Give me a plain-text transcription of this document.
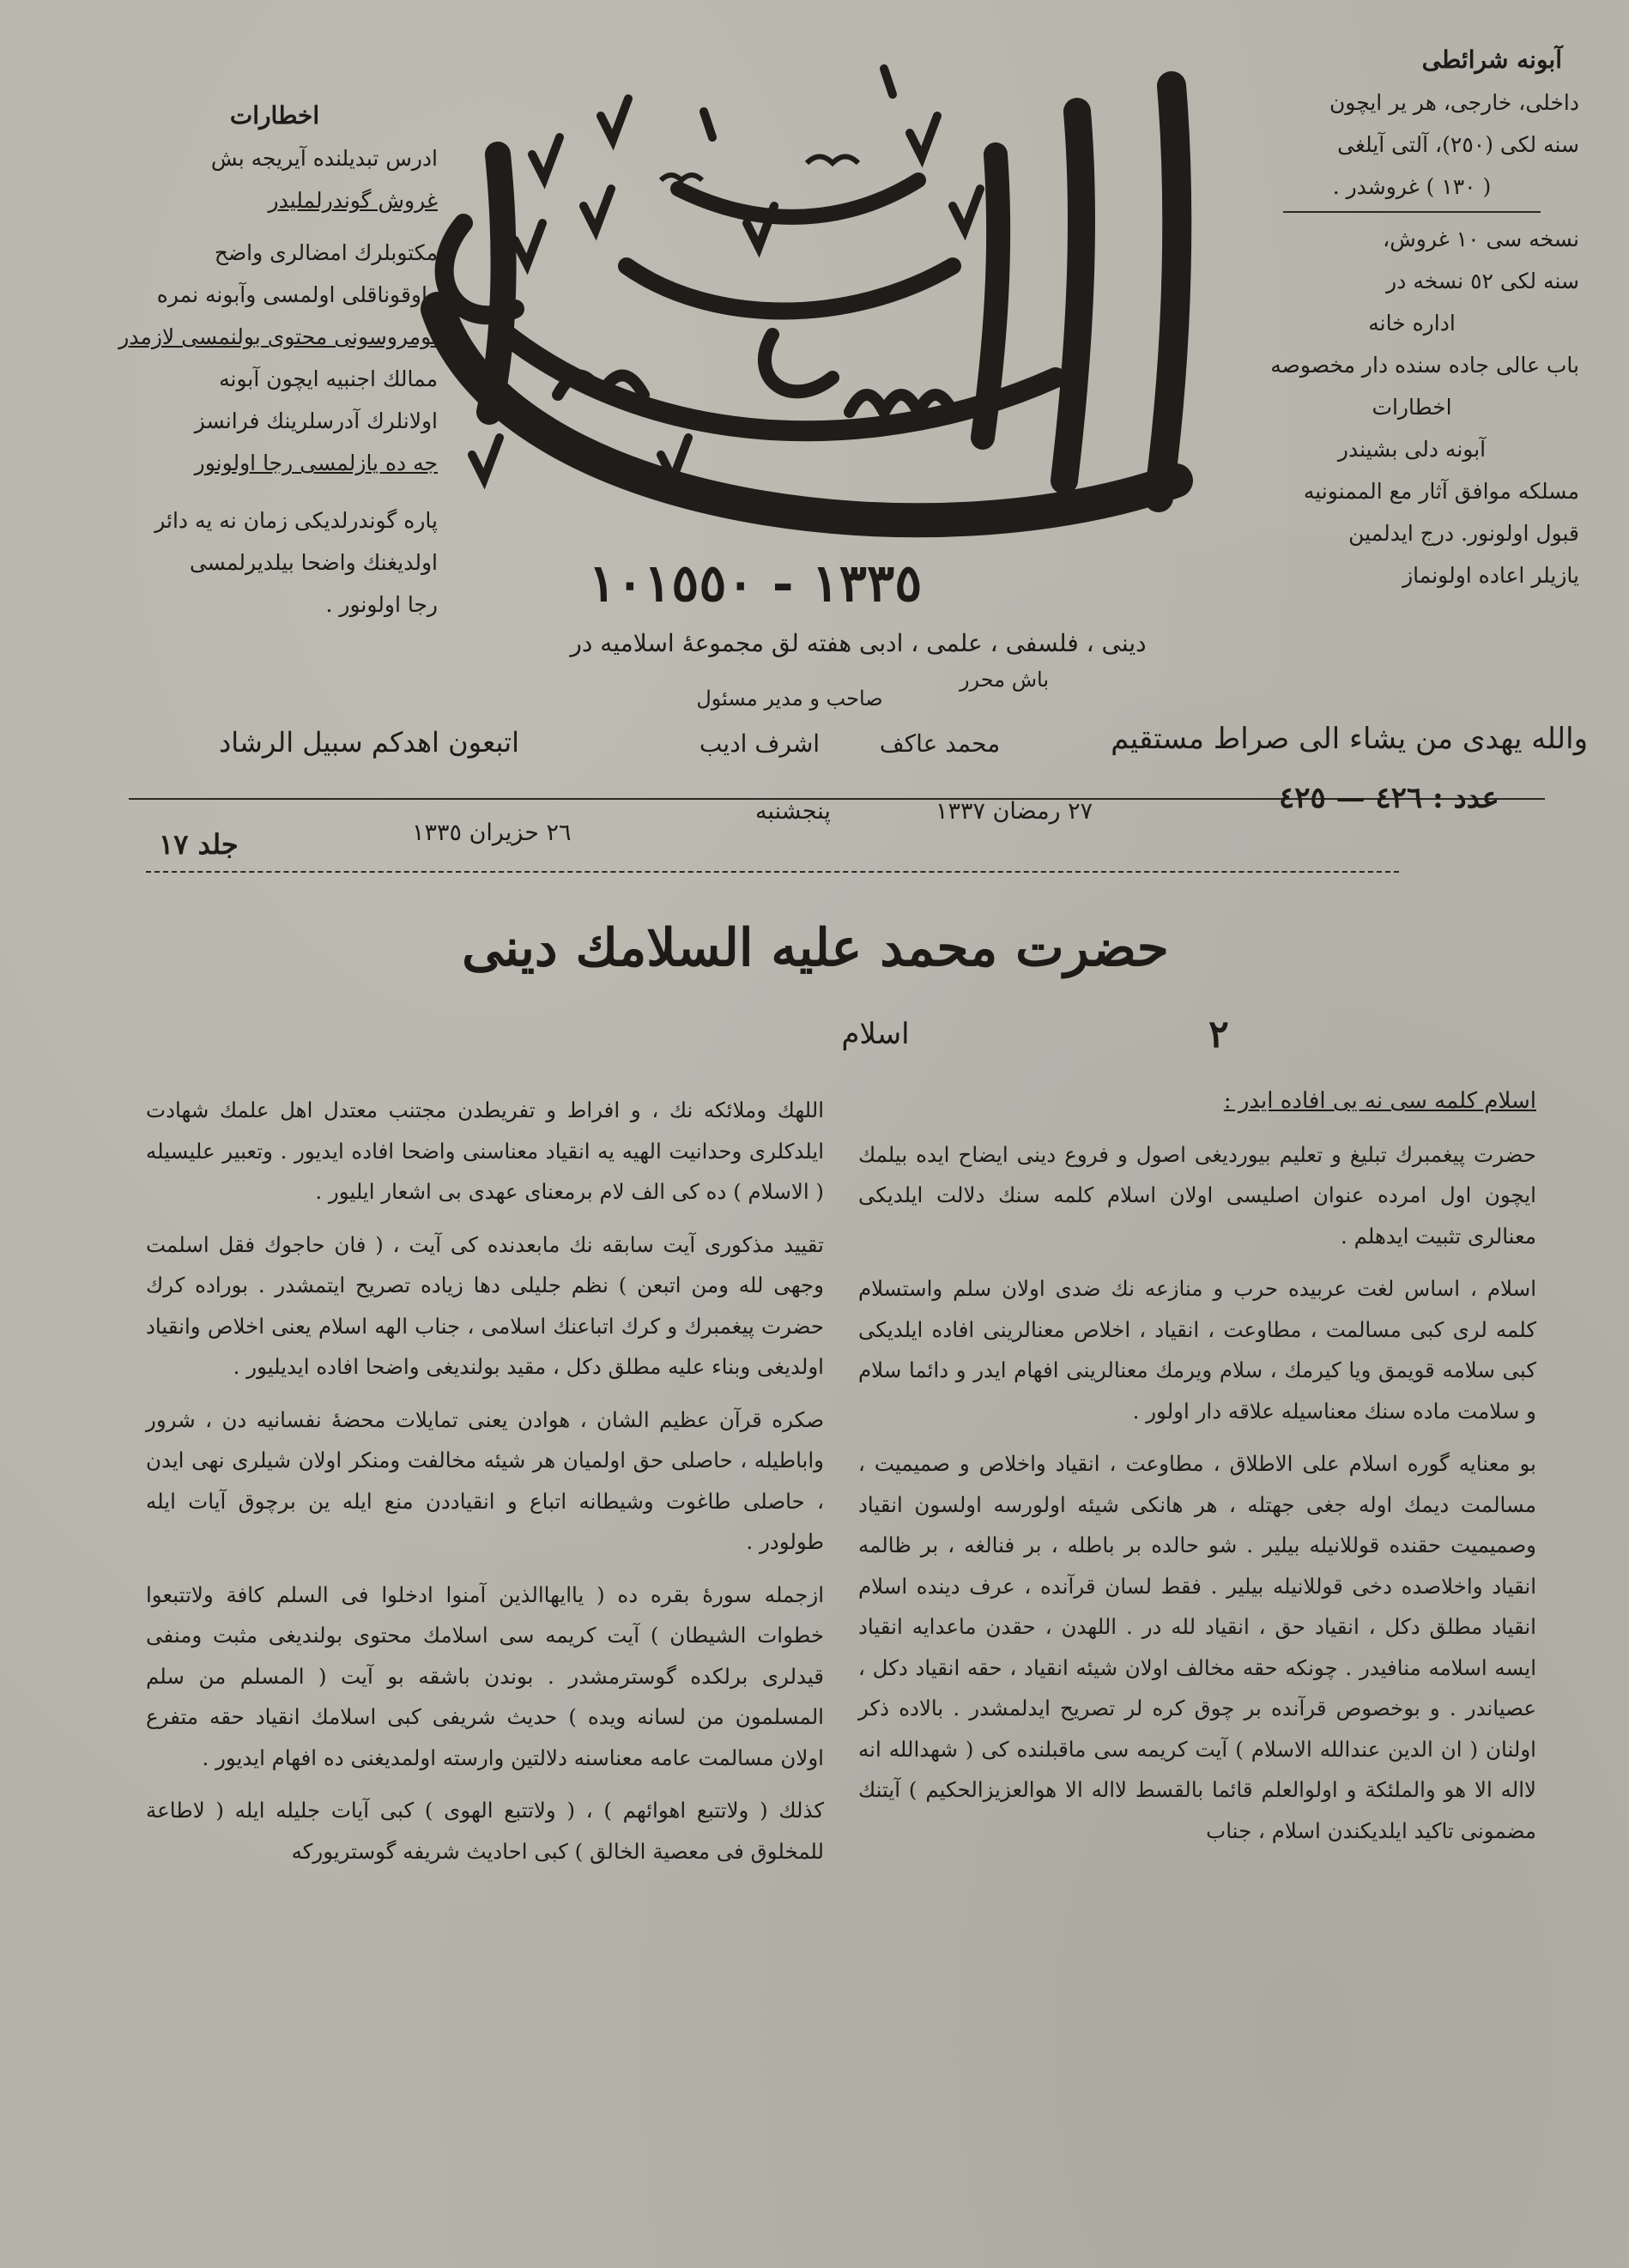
اخطارات
ادرس تبدیلنده آیریجه بش
غروش گوندرلملیدر
مکتوبلرك امضالری واضح
واوقوناقلی اولمسی وآبونه نمره
نومروسونی محتوی بولنمسی لازمدر
ممالك اجنبیه ایچون آبونه
اولانلرك آدرسلرینك فرانسز
جه ده یازلمسی رجا اولونور
پاره گوندرلدیکی زمان نه یه دائر
اولدیغنك واضحا بیلدیرلمسی
رجا اولونور .
آبونه شرائطی
داخلی، خارجی، هر یر ایچون
سنه لکی (٢٥٠)، آلتی آیلغی
( ١٣٠ ) غروشدر .
نسخه سی ١٠ غروش،
سنه لکی ٥٢ نسخه در
اداره خانه
باب عالی جاده سنده دار مخصوصه
اخطارات
آبونه دلی بشیندر
مسلکه موافق آثار مع الممنونیه
قبول اولونور. درج ایدلمین
یازیلر اعاده اولونماز
١٣٣٥ - ١٠١٥٥٠
دینی ، فلسفی ، علمی ، ادبی هفته لق مجموعهٔ اسلامیه در
باش محرر
صاحب و مدیر مسئول
والله یهدی من یشاء الی صراط مستقیم
محمد عاکف
اشرف ادیب
اتبعون اهدکم سبیل الرشاد
عدد : ٤٢٦ — ٤٢٥
٢٧ رمضان ١٣٣٧
پنجشنبه
٢٦ حزیران ١٣٣٥
جلد ١٧
حضرت محمد علیه السلامك دینی
٢
اسلام

اسلام کلمه سی نه یی افاده ایدر :

حضرت پیغمبرك تبلیغ و تعلیم بیوردیغی اصول و فروع دینی ایضاح ایده بیلمك ایچون اول امرده عنوان اصلیسی اولان اسلام کلمه سنك دلالت ایلدیکی معنالری تثبیت ایدهلم .

اسلام ، اساس لغت عربیده حرب و منازعه نك ضدی اولان سلم واستسلام کلمه لری کبی مسالمت ، مطاوعت ، انقیاد ، اخلاص معنالرینی افاده ایلدیکی کبی سلامه قویمق ویا کیرمك ، سلام ویرمك معنالرینی افهام ایدر و دائما سلام و سلامت ماده سنك معناسیله علاقه دار اولور .

بو معنایه گوره اسلام علی الاطلاق ، مطاوعت ، انقیاد واخلاص و صمیمیت ، مسالمت دیمك اوله جغی جهتله ، هر هانکی شیئه اولورسه اولسون انقیاد وصمیمیت حقنده قوللانیله بیلیر . شو حالده بر باطله ، بر فنالغه ، بر ظالمه انقیاد واخلاصده دخی قوللانیله بیلیر . فقط لسان قرآنده ، عرف دینده اسلام انقیاد مطلق دکل ، انقیاد حق ، انقیاد لله در . اللهدن ، حقدن ماعدایه انقیاد ایسه اسلامه منافیدر . چونکه حقه مخالف اولان شیئه انقیاد ، حقه انقیاد دکل ، عصیاندر . و بوخصوص قرآنده بر چوق کره لر تصریح ایدلمشدر . بالاده ذکر اولنان ( ان الدین عندالله الاسلام ) آیت کریمه سی ماقبلنده کی ( شهدالله انه لااله الا هو والملئکة و اولوالعلم قائما بالقسط لااله الا هوالعزیزالحکیم ) آیتنك مضمونی تاکید ایلدیکندن اسلام ، جناب

اللهك وملائکه نك ، و افراط و تفریطدن مجتنب معتدل اهل علمك شهادت ایلدکلری وحدانیت الهیه یه انقیاد معناسنی واضحا افاده ایدیور . وتعبیر علیسیله ( الاسلام ) ده کی الف لام برمعنای عهدی بی اشعار ایلیور .

تقیید مذکوری آیت سابقه نك مابعدنده کی آیت ، ( فان حاجوك فقل اسلمت وجهی لله ومن اتبعن ) نظم جلیلی دها زیاده تصریح ایتمشدر . بوراده کرك حضرت پیغمبرك و کرك اتباعنك اسلامی ، جناب الهه اسلام یعنی اخلاص وانقیاد اولدیغی وبناء علیه مطلق دکل ، مقید بولندیغی واضحا افاده ایدیلیور .

صکره قرآن عظیم الشان ، هوادن یعنی تمایلات محضهٔ نفسانیه دن ، شرور واباطیله ، حاصلی حق اولمیان هر شیئه مخالفت ومنکر اولان شیلری نهی ایدن ، حاصلی طاغوت وشیطانه اتباع و انقیاددن منع ایله ین برچوق آیات ایله طولودر .

ازجمله سورهٔ بقره ده ( یاایهاالذین آمنوا ادخلوا فی السلم کافة ولاتتبعوا خطوات الشیطان ) آیت کریمه سی اسلامك محتوی بولندیغی مثبت ومنفی قیدلری برلکده گوسترمشدر . بوندن باشقه بو آیت ( المسلم من سلم المسلمون من لسانه ویده ) حدیث شریفی کبی اسلامك انقیاد حقه متفرع اولان مسالمت عامه معناسنه دلالتین وارسته اولمدیغنی ده افهام ایدیور .

کذلك ( ولاتتبع اهوائهم ) ، ( ولاتتبع الهوی ) کبی آیات جلیله ایله ( لاطاعة للمخلوق فی معصیة الخالق ) کبی احادیث شریفه گوستریورکه
